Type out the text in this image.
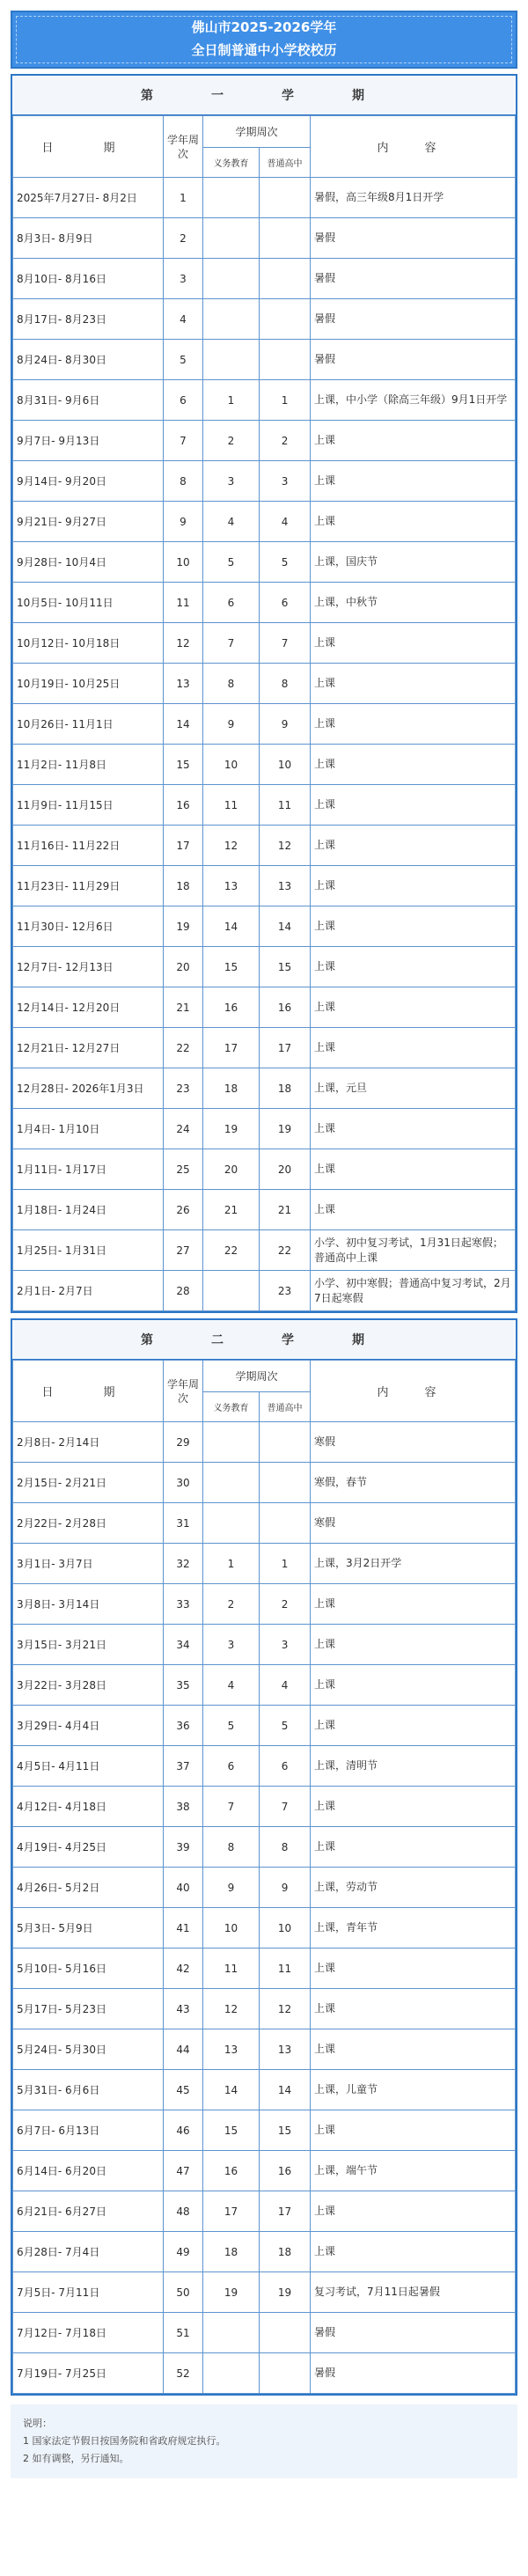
佛山市2025-2026学年
全日制普通中小学校校历
第　一　学　期
日　期	学年周次	学期周次		内　容
		义务教育	普通高中	
2025年7月27日- 8月2日	1			暑假，高三年级8月1日开学
8月3日- 8月9日	2			暑假
8月10日- 8月16日	3			暑假
8月17日- 8月23日	4			暑假
8月24日- 8月30日	5			暑假
8月31日- 9月6日	6	1	1	上课，中小学（除高三年级）9月1日开学
9月7日- 9月13日	7	2	2	上课
9月14日- 9月20日	8	3	3	上课
9月21日- 9月27日	9	4	4	上课
9月28日- 10月4日	10	5	5	上课，国庆节
10月5日- 10月11日	11	6	6	上课，中秋节
10月12日- 10月18日	12	7	7	上课
10月19日- 10月25日	13	8	8	上课
10月26日- 11月1日	14	9	9	上课
11月2日- 11月8日	15	10	10	上课
11月9日- 11月15日	16	11	11	上课
11月16日- 11月22日	17	12	12	上课
11月23日- 11月29日	18	13	13	上课
11月30日- 12月6日	19	14	14	上课
12月7日- 12月13日	20	15	15	上课
12月14日- 12月20日	21	16	16	上课
12月21日- 12月27日	22	17	17	上课
12月28日- 2026年1月3日	23	18	18	上课，元旦
1月4日- 1月10日	24	19	19	上课
1月11日- 1月17日	25	20	20	上课
1月18日- 1月24日	26	21	21	上课
1月25日- 1月31日	27	22	22	小学、初中复习考试，1月31日起寒假；普通高中上课
2月1日- 2月7日	28		23	小学、初中寒假；普通高中复习考试，2月7日起寒假
第　二　学　期
日　期	学年周次	学期周次		内　容
		义务教育	普通高中	
2月8日- 2月14日	29			寒假
2月15日- 2月21日	30			寒假，春节
2月22日- 2月28日	31			寒假
3月1日- 3月7日	32	1	1	上课，3月2日开学
3月8日- 3月14日	33	2	2	上课
3月15日- 3月21日	34	3	3	上课
3月22日- 3月28日	35	4	4	上课
3月29日- 4月4日	36	5	5	上课
4月5日- 4月11日	37	6	6	上课，清明节
4月12日- 4月18日	38	7	7	上课
4月19日- 4月25日	39	8	8	上课
4月26日- 5月2日	40	9	9	上课，劳动节
5月3日- 5月9日	41	10	10	上课，青年节
5月10日- 5月16日	42	11	11	上课
5月17日- 5月23日	43	12	12	上课
5月24日- 5月30日	44	13	13	上课
5月31日- 6月6日	45	14	14	上课，儿童节
6月7日- 6月13日	46	15	15	上课
6月14日- 6月20日	47	16	16	上课，端午节
6月21日- 6月27日	48	17	17	上课
6月28日- 7月4日	49	18	18	上课
7月5日- 7月11日	50	19	19	复习考试，7月11日起暑假
7月12日- 7月18日	51			暑假
7月19日- 7月25日	52			暑假
说明：
1 国家法定节假日按国务院和省政府规定执行。
2 如有调整，另行通知。
